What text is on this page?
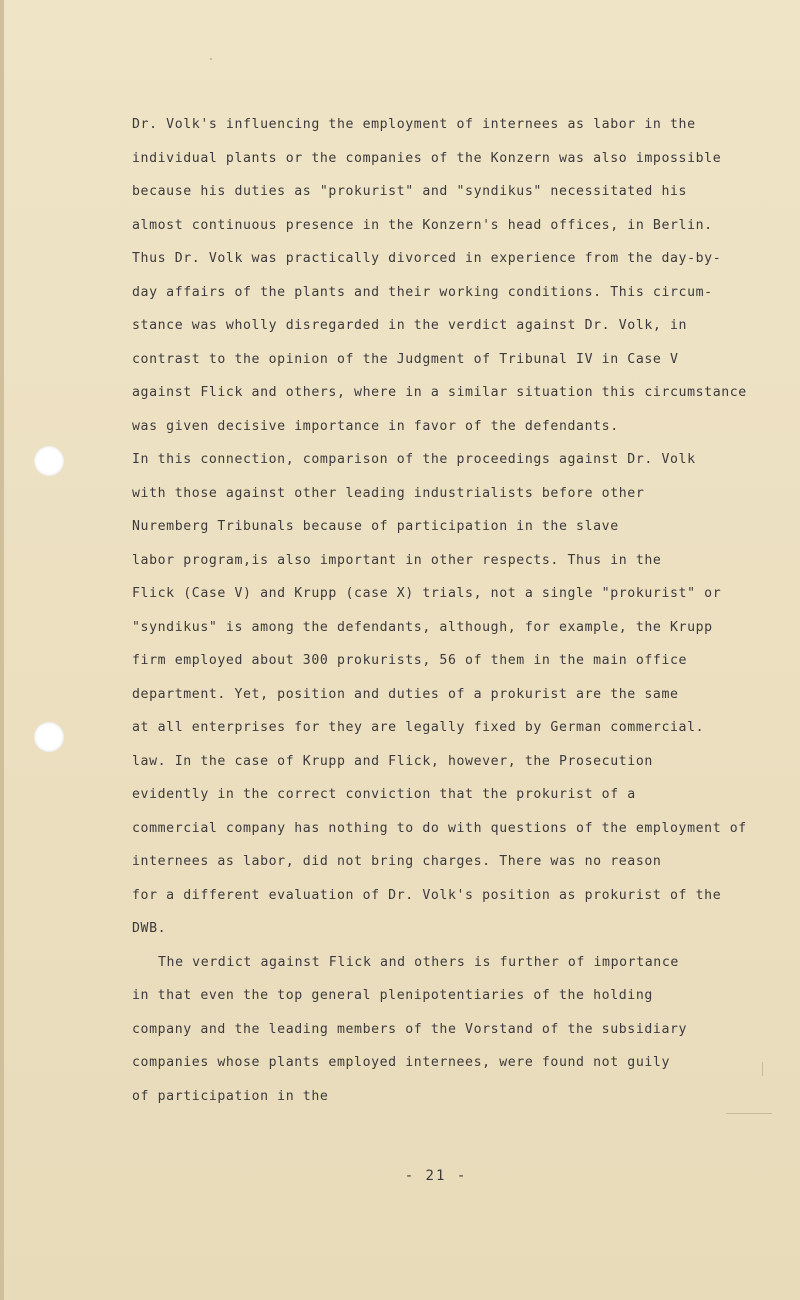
Dr. Volk's influencing the employment of internees as labor in the
individual plants or the companies of the Konzern was also impossible
because his duties as "prokurist" and "syndikus" necessitated his
almost continuous presence in the Konzern's head offices, in Berlin.
Thus Dr. Volk was practically divorced in experience from the day-by-
day affairs of the plants and their working conditions. This circum-
stance was wholly disregarded in the verdict against Dr. Volk, in
contrast to the opinion of the Judgment of Tribunal IV in Case V
against Flick and others, where in a similar situation this circumstance
was given decisive importance in favor of the defendants.
In this connection, comparison of the proceedings against Dr. Volk
with those against other leading industrialists before other
Nuremberg Tribunals because of participation in the slave
labor program,is also important in other respects. Thus in the
Flick (Case V) and Krupp (case X) trials, not a single "prokurist" or
"syndikus" is among the defendants, although, for example, the Krupp
firm employed about 300 prokurists, 56 of them in the main office
department. Yet, position and duties of a prokurist are the same
at all enterprises for they are legally fixed by German commercial.
law. In the case of Krupp and Flick, however, the Prosecution
evidently in the correct conviction that the prokurist of a
commercial company has nothing to do with questions of the employment of
internees as labor, did not bring charges. There was no reason
for a different evaluation of Dr. Volk's position as prokurist of the
DWB.
The verdict against Flick and others is further of importance
in that even the top general plenipotentiaries of the holding
company and the leading members of the Vorstand of the subsidiary
companies whose plants employed internees, were found not guily
of participation in the
- 21 -
